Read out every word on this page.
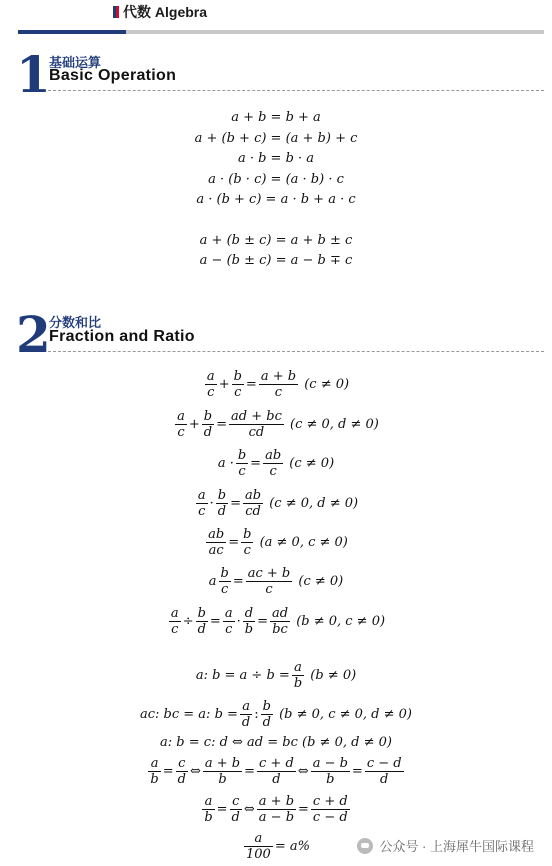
代数 Algebra
1
基础运算
Basic Operation
a + b = b + a
a + (b + c) = (a + b) + c
a · b = b · a
a · (b · c) = (a · b) · c
a · (b + c) = a · b + a · c
a + (b ± c) = a + b ± c
a − (b ± c) = a − b ∓ c
2
分数和比
Fraction and Ratio
$\frac{a}{c} + \frac{b}{c} = \frac{a + b}{c} (c \ne 0)$
$\frac{a}{c} + \frac{b}{d} = \frac{ad + bc}{cd} (c \ne 0$, d ≠ 0)
$a \cdot \frac{b}{c} = \frac{ab}{c} (c \ne 0)$
$\frac{a}{c} \cdot \frac{b}{d} = \frac{ab}{cd} (c \ne 0$, d ≠ 0)
$\frac{ab}{ac} = \frac{b}{c} (a \ne 0$, c ≠ 0)
a $\frac{b}{c} = \frac{ac + b}{c} (c \ne 0)$
$\frac{a}{c} \div \frac{b}{d} = \frac{a}{c} \cdot \frac{d}{b} = \frac{ad}{bc} (b \ne 0$, c ≠ 0)
a: $b = a \div b = \frac{a}{b} (b \ne 0)$
ac: bc = a: $b = \frac{a}{d}$ : $\frac{b}{d} (b \ne 0$, c ≠ 0, d ≠ 0)
a: b = c: d ⇔ ad = bc (b ≠ 0, d ≠ 0)
$\frac{a}{b} = \frac{c}{d}$ ⇔ $\frac{a + b}{b} = \frac{c + d}{d}$ ⇔ $\frac{a - b}{b} = \frac{c - d}{d}$
$\frac{a}{b} = \frac{c}{d}$ ⇔ $\frac{a + b}{a - b} = \frac{c + d}{c - d}$
$\frac{a}{100} = a\%$	公众号 · 上海犀牛国际课程
